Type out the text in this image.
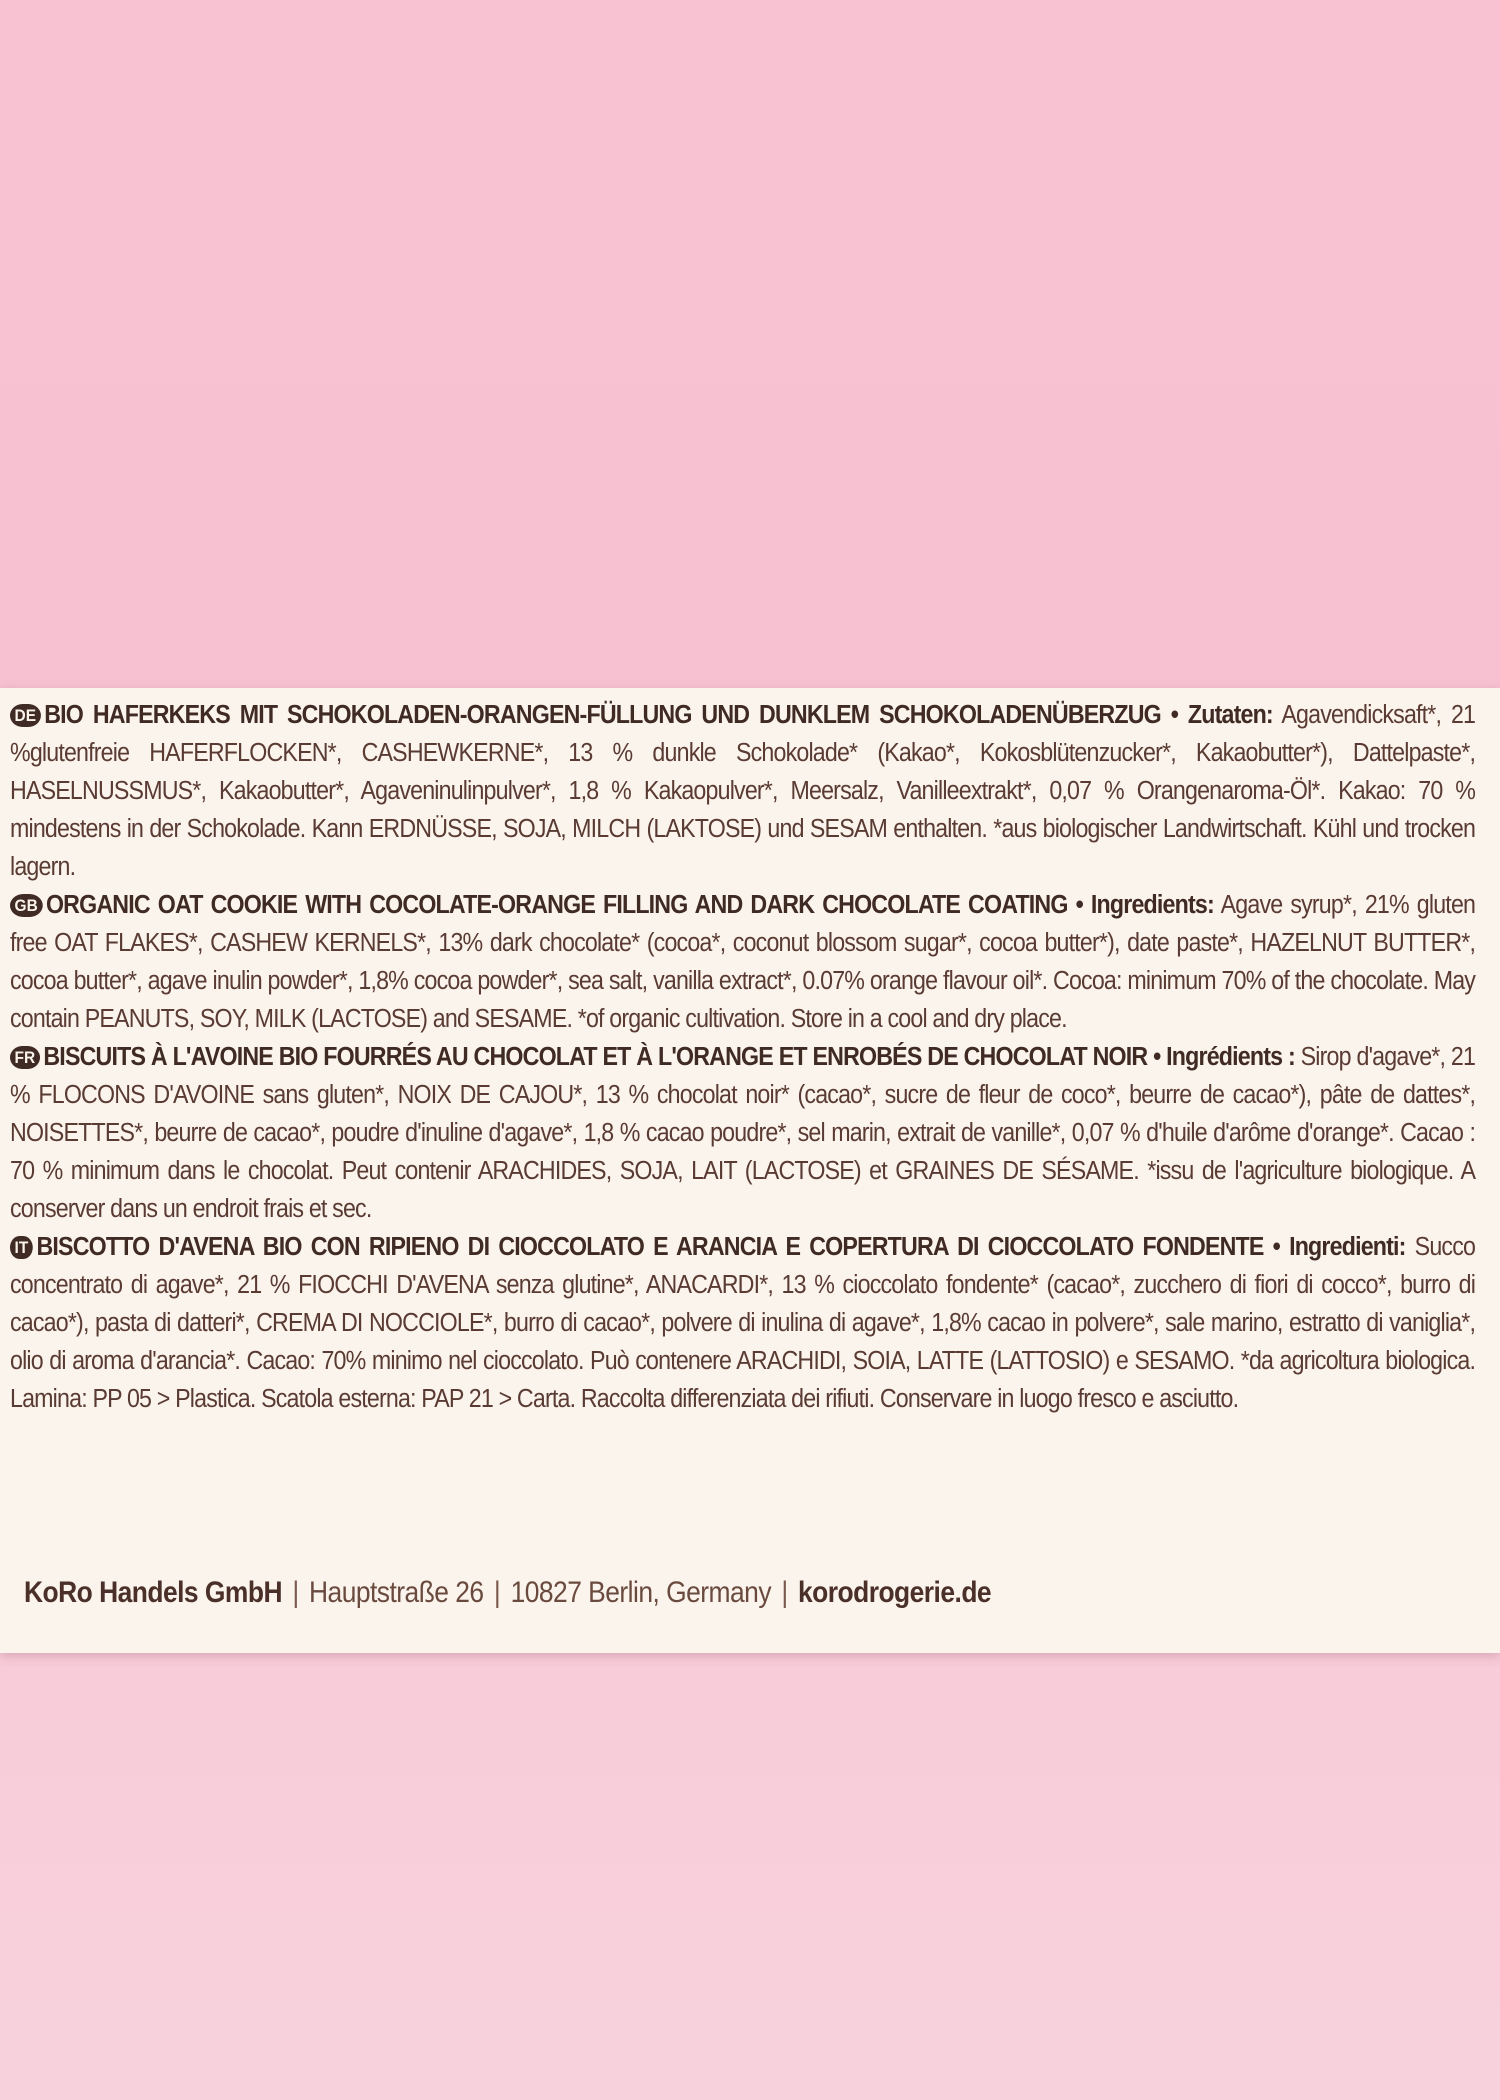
DE BIO HAFERKEKS MIT SCHOKOLADEN-ORANGEN-FÜLLUNG UND DUNKLEM SCHOKOLADENÜBERZUG • Zutaten: Agavendicksaft*, 21 %glutenfreie HAFERFLOCKEN*, CASHEWKERNE*, 13 % dunkle Schokolade* (Kakao*, Kokosblütenzucker*, Kakaobutter*), Dattelpaste*, HASELNUSSMUS*, Kakaobutter*, Agaveninulinpulver*, 1,8 % Kakaopulver*, Meersalz, Vanilleextrakt*, 0,07 % Orangenaroma-Öl*. Kakao: 70 % mindestens in der Schokolade. Kann ERDNÜSSE, SOJA, MILCH (LAKTOSE) und SESAM enthalten. *aus biologischer Landwirtschaft. Kühl und trocken lagern.

GB ORGANIC OAT COOKIE WITH COCOLATE-ORANGE FILLING AND DARK CHOCOLATE COATING • Ingredients: Agave syrup*, 21% gluten free OAT FLAKES*, CASHEW KERNELS*, 13% dark chocolate* (cocoa*, coconut blossom sugar*, cocoa butter*), date paste*, HAZELNUT BUTTER*, cocoa butter*, agave inulin powder*, 1,8% cocoa powder*, sea salt, vanilla extract*, 0.07% orange flavour oil*. Cocoa: minimum 70% of the chocolate. May contain PEANUTS, SOY, MILK (LACTOSE) and SESAME. *of organic cultivation. Store in a cool and dry place.

FR BISCUITS À L'AVOINE BIO FOURRÉS AU CHOCOLAT ET À L'ORANGE ET ENROBÉS DE CHOCOLAT NOIR • Ingrédients : Sirop d'agave*, 21 % FLOCONS D'AVOINE sans gluten*, NOIX DE CAJOU*, 13 % chocolat noir* (cacao*, sucre de fleur de coco*, beurre de cacao*), pâte de dattes*, NOISETTES*, beurre de cacao*, poudre d'inuline d'agave*, 1,8 % cacao poudre*, sel marin, extrait de vanille*, 0,07 % d'huile d'arôme d'orange*. Cacao : 70 % minimum dans le chocolat. Peut contenir ARACHIDES, SOJA, LAIT (LACTOSE) et GRAINES DE SÉSAME. *issu de l'agriculture biologique. A conserver dans un endroit frais et sec.

IT BISCOTTO D'AVENA BIO CON RIPIENO DI CIOCCOLATO E ARANCIA E COPERTURA DI CIOCCOLATO FONDENTE • Ingredienti: Succo concentrato di agave*, 21 % FIOCCHI D'AVENA senza glutine*, ANACARDI*, 13 % cioccolato fondente* (cacao*, zucchero di fiori di cocco*, burro di cacao*), pasta di datteri*, CREMA DI NOCCIOLE*, burro di cacao*, polvere di inulina di agave*, 1,8% cacao in polvere*, sale marino, estratto di vaniglia*, olio di aroma d'arancia*. Cacao: 70% minimo nel cioccolato. Può contenere ARACHIDI, SOIA, LATTE (LATTOSIO) e SESAMO. *da agricoltura biologica. Lamina: PP 05 > Plastica. Scatola esterna: PAP 21 > Carta. Raccolta differenziata dei rifiuti. Conservare in luogo fresco e asciutto.

KoRo Handels GmbH | Hauptstraße 26 | 10827 Berlin, Germany | korodrogerie.de
